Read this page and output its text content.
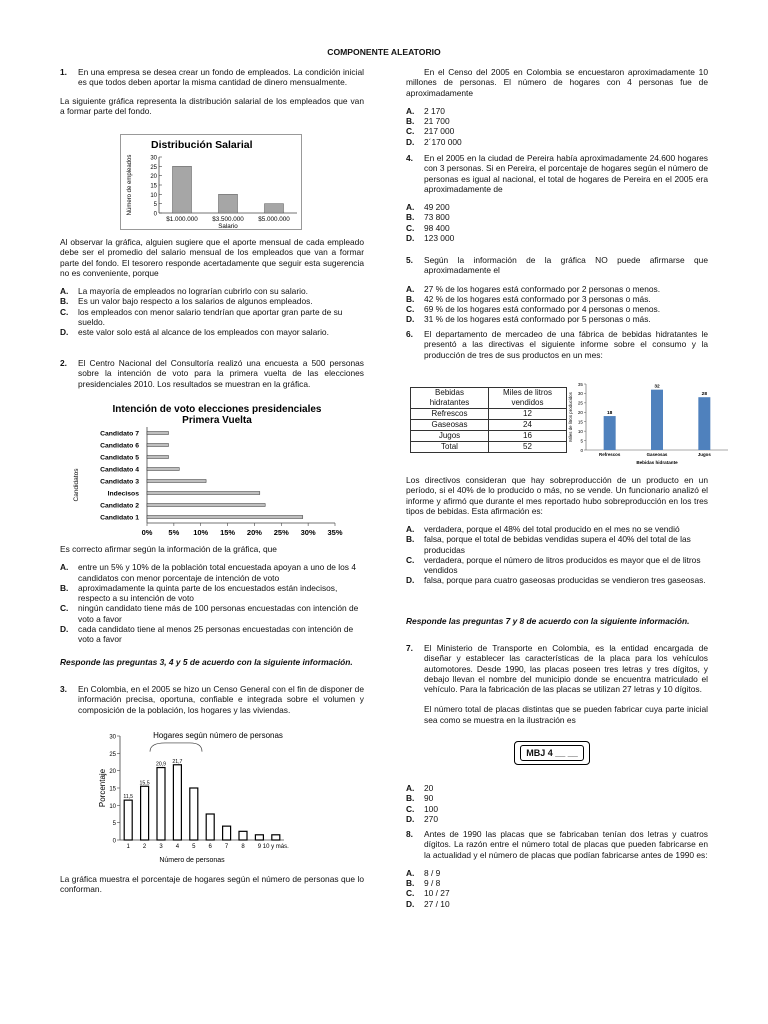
COMPONENTE ALEATORIO
1.	En una empresa se desea crear un fondo de empleados. La condición inicial es que todos deben aportar la misma cantidad de dinero mensualmente.

La siguiente gráfica representa la distribución salarial de los empleados que van a formar parte del fondo.

Distribución Salarial
0
5
10
15
20
25
30
$1.000.000 $3.500.000 $5.000.000
Salario
Número de empleados

Al observar la gráfica, alguien sugiere que el aporte mensual de cada empleado debe ser el promedio del salario mensual de los empleados que van a formar parte del fondo. El tesorero responde acertadamente que seguir esta sugerencia no es conveniente, porque

A.	La mayoría de empleados no lograrían cubrirlo con su salario.
B.	Es un valor bajo respecto a los salarios de algunos empleados.
C.	los empleados con menor salario tendrían que aportar gran parte de su sueldo.
D.	este valor solo está al alcance de los empleados con mayor salario.
2.	El Centro Nacional del Consultoría realizó una encuesta a 500 personas sobre la intención de voto para la primera vuelta de las elecciones presidenciales 2010. Los resultados se muestran en la gráfica.
Intención de voto elecciones presidenciales
Primera Vuelta
0% 5% 10% 15% 20% 25% 30% 35%
Candidato 7
Candidato 6
Candidato 5
Candidato 4
Candidato 3
Indecisos
Candidato 2
Candidato 1
Candidatos

Es correcto afirmar según la información de la gráfica, que

A.	entre un 5% y 10% de la población total encuestada apoyan a uno de los 4 candidatos con menor porcentaje de intención de voto
B.	aproximadamente la quinta parte de los encuestados están indecisos, respecto a su intención de voto
C.	ningún candidato tiene más de 100 personas encuestadas con intención de voto a favor
D.	cada candidato tiene al menos 25 personas encuestadas con intención de voto a favor

Responde las preguntas 3, 4 y 5 de acuerdo con la siguiente información.

3.	En Colombia, en el 2005 se hizo un Censo General con el fin de disponer de información precisa, oportuna, confiable e integrada sobre el volumen y composición de la población, los hogares y las viviendas.
Hogares según número de personas
0
5
10
15
20
25
30
1
11,5
2
15,5
3
20,9
4
21,7
5 6 7 8 9 10 y más.
Número de personas
Porcentaje

La gráfica muestra el porcentaje de hogares según el número de personas que lo conforman.

En el Censo del 2005 en Colombia se encuestaron aproximadamente 10 millones de personas. El número de hogares con 4 personas fue de aproximadamente

A.	2 170
B.	21 700
C.	217 000
D.	2´170 000
4.	En el 2005 en la ciudad de Pereira había aproximadamente 24.600 hogares con 3 personas. Si en Pereira, el porcentaje de hogares según el número de personas es igual al nacional, el total de hogares de Pereira en el 2005 era aproximadamente de
A.	49 200
B.	73 800
C.	98 400
D.	123 000
5.	Según la información de la gráfica NO puede afirmarse que aproximadamente el
A.	27 % de los hogares está conformado por 2 personas o menos.
B.	42 % de los hogares está conformado por 3 personas o más.
C.	69 % de los hogares está conformado por 4 personas o menos.
D.	31 % de los hogares está conformado por 5 personas o más.
6.	El departamento de mercadeo de una fábrica de bebidas hidratantes le presentó a las directivas el siguiente informe sobre el consumo y la producción de tres de sus productos en un mes:
Bebidas hidratantes	Miles de litros vendidos
Refrescos	12
Gaseosas	24
Jugos	16
Total	52	0
5
10
15
20
25
30
35
18
Refrescos
32
Gaseosas
28
Jugos
Bebidas hidratante
Miles de litros producidos

Los directivos consideran que hay sobreproducción de un producto en un período, si el 40% de lo producido o más, no se vende. Un funcionario analizó el informe y afirmó que durante el mes reportado hubo sobreproducción en los tres tipos de bebidas. Esta afirmación es:

A.	verdadera, porque el 48% del total producido en el mes no se vendió
B.	falsa, porque el total de bebidas vendidas supera el 40% del total de las producidas
C.	verdadera, porque el número de litros producidos es mayor que el de litros vendidos
D.	falsa, porque para cuatro gaseosas producidas se vendieron tres gaseosas.

Responde las preguntas 7 y 8 de acuerdo con la siguiente información.

7.	El Ministerio de Transporte en Colombia, es la entidad encargada de diseñar y establecer las características de la placa para los vehículos automotores. Desde 1990, las placas poseen tres letras y tres dígitos, y debajo llevan el nombre del municipio donde se encuentra matriculado el vehículo. Para la fabricación de las placas se utilizan 27 letras y 10 dígitos.

El número total de placas distintas que se pueden fabricar cuya parte inicial sea como se muestra en la ilustración es

MBJ 4 __ __
A.	20
B.	90
C.	100
D.	270
8.	Antes de 1990 las placas que se fabricaban tenían dos letras y cuatros dígitos. La razón entre el número total de placas que pueden fabricarse en la actualidad y el número de placas que podían fabricarse antes de 1990 es:
A.	8 / 9
B.	9 / 8
C.	10 / 27
D.	27 / 10
